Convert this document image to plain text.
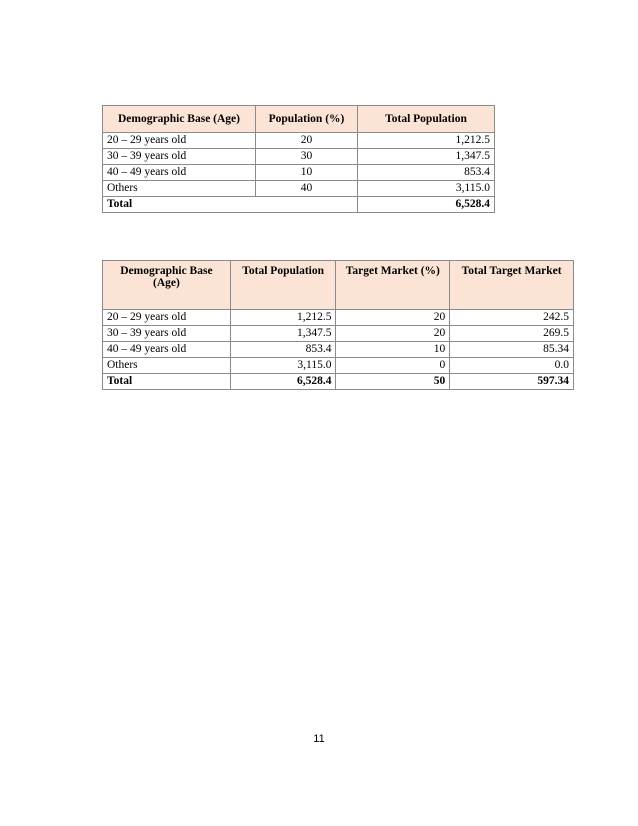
Demographic Base (Age)	Population (%)	Total Population
20 – 29 years old	20	1,212.5
30 – 39 years old	30	1,347.5
40 – 49 years old	10	853.4
Others	40	3,115.0
Total		6,528.4
Demographic Base (Age)	Total Population	Target Market (%)	Total Target Market
20 – 29 years old	1,212.5	20	242.5
30 – 39 years old	1,347.5	20	269.5
40 – 49 years old	853.4	10	85.34
Others	3,115.0	0	0.0
Total	6,528.4	50	597.34
11
